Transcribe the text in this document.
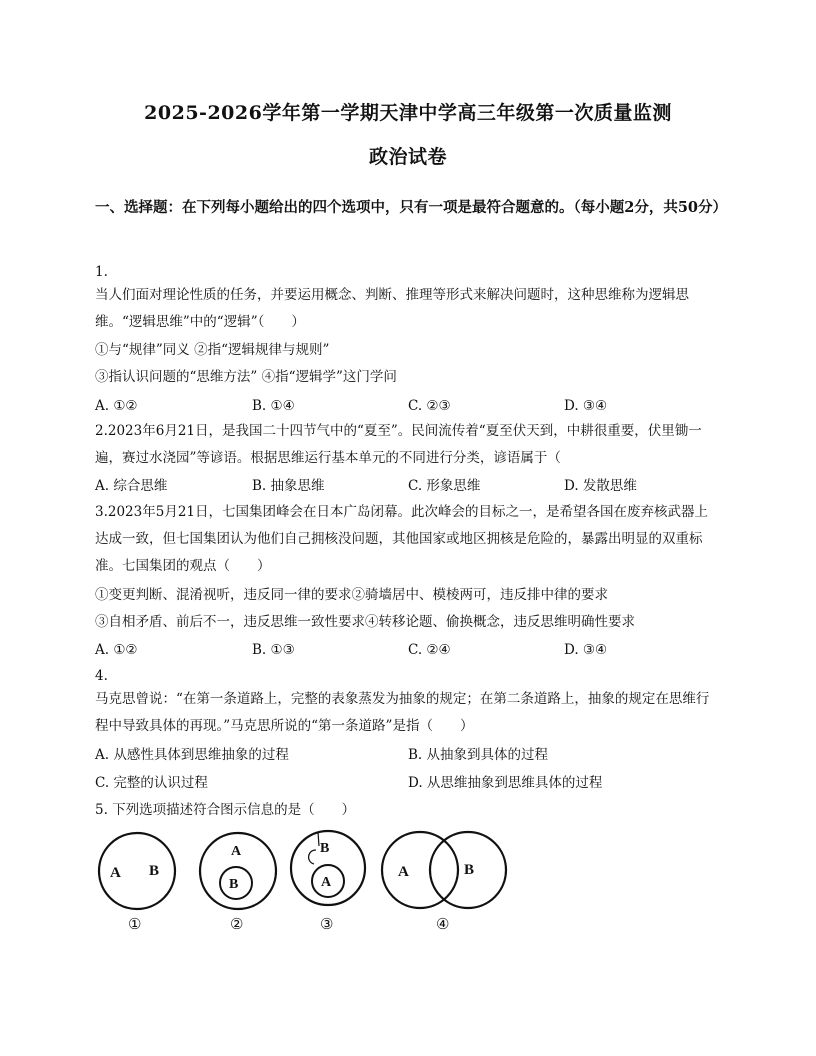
2025-2026学年第一学期天津中学高三年级第一次质量监测
政治试卷
一、选择题：在下列每小题给出的四个选项中，只有一项是最符合题意的。（每小题2分，共50分）
1.
当人们面对理论性质的任务，并要运用概念、判断、推理等形式来解决问题时，这种思维称为逻辑思维。“逻辑思维”中的“逻辑”（　　）
①与“规律”同义 ②指“逻辑规律与规则”
③指认识问题的“思维方法” ④指“逻辑学”这门学问
A. ①②	B. ①④	C. ②③	D. ③④
2.2023年6月21日，是我国二十四节气中的“夏至”。民间流传着“夏至伏天到，中耕很重要，伏里锄一遍，赛过水浇园”等谚语。根据思维运行基本单元的不同进行分类，谚语属于（
A. 综合思维	B. 抽象思维	C. 形象思维	D. 发散思维
3.2023年5月21日，七国集团峰会在日本广岛闭幕。此次峰会的目标之一，是希望各国在废弃核武器上达成一致，但七国集团认为他们自己拥核没问题，其他国家或地区拥核是危险的，暴露出明显的双重标准。七国集团的观点（　　）
①变更判断、混淆视听，违反同一律的要求②骑墙居中、模棱两可，违反排中律的要求
③自相矛盾、前后不一，违反思维一致性要求④转移论题、偷换概念，违反思维明确性要求
A. ①②	B. ①③	C. ②④	D. ③④
4.
马克思曾说：“在第一条道路上，完整的表象蒸发为抽象的规定；在第二条道路上，抽象的规定在思维行程中导致具体的再现。”马克思所说的“第一条道路”是指（　　）
A. 从感性具体到思维抽象的过程	B. 从抽象到具体的过程
C. 完整的认识过程	D. 从思维抽象到思维具体的过程
5. 下列选项描述符合图示信息的是（　　）
A B
①
A
B
②
B
A
③
A	B
④
